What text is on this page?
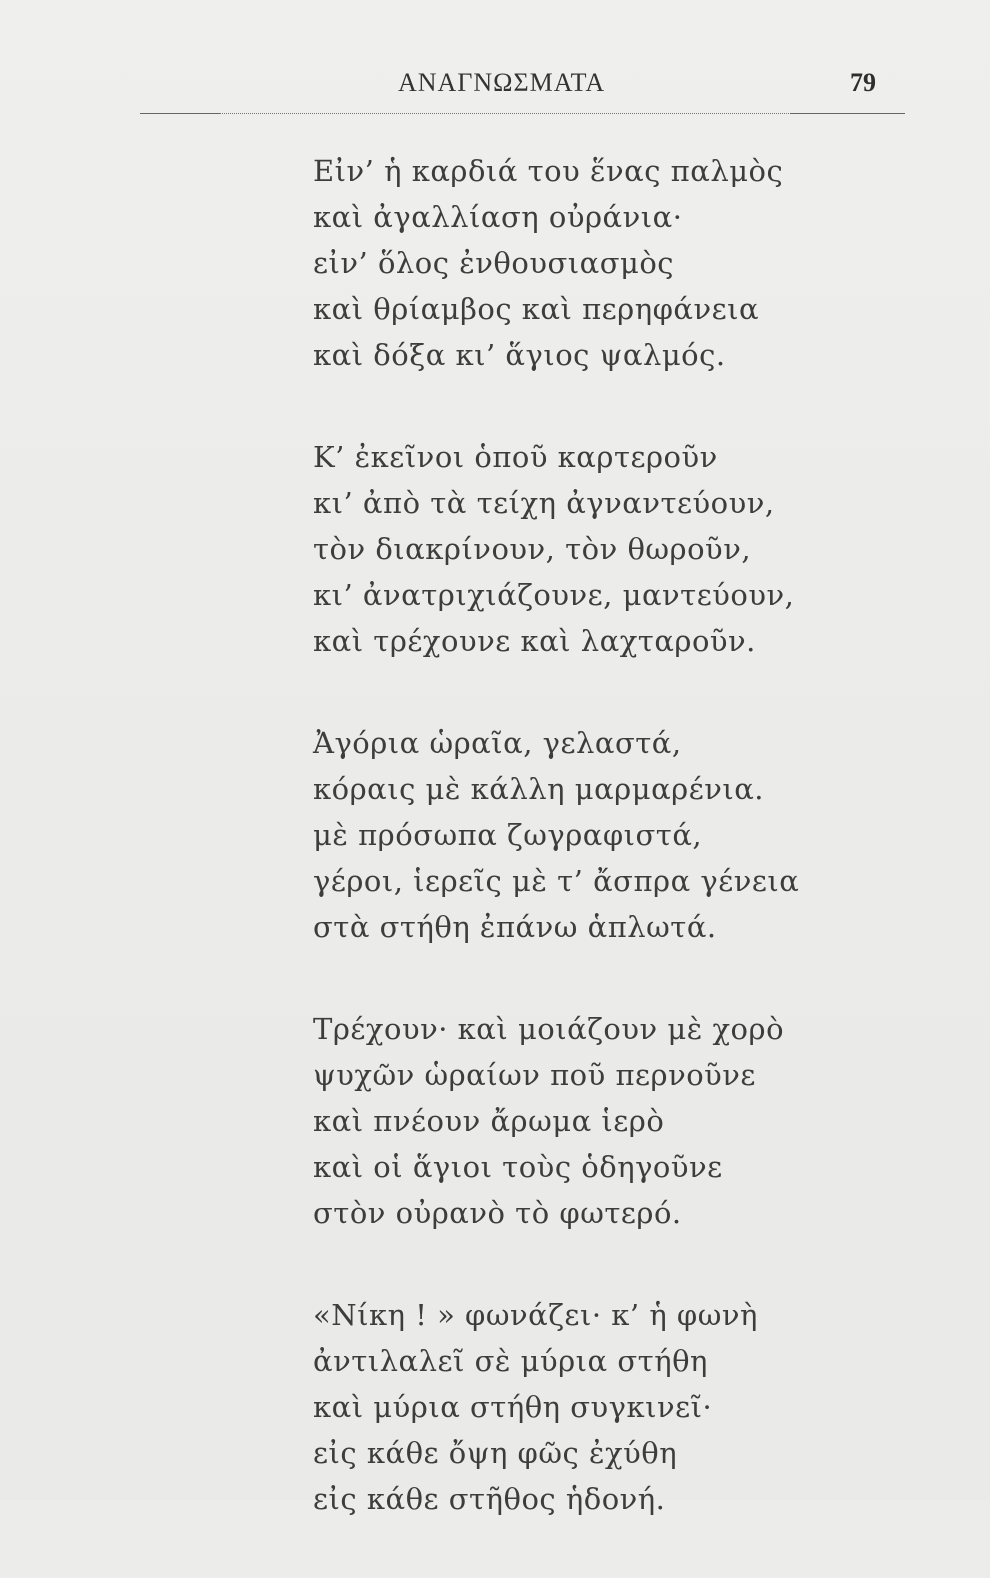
ΑΝΑΓΝΩΣΜΑΤΑ	79
Εἰν’ ἡ καρδιά του ἕνας παλμὸς
καὶ ἀγαλλίαση οὐράνια·
εἰν’ ὅλος ἐνθουσιασμὸς
καὶ θρίαμβος καὶ περηφάνεια
καὶ δόξα κι’ ἅγιος ψαλμός.
Κ’ ἐκεῖνοι ὁποῦ καρτεροῦν
κι’ ἀπὸ τὰ τείχη ἀγναντεύουν,
τὸν διακρίνουν, τὸν θωροῦν,
κι’ ἀνατριχιάζουνε, μαντεύουν,
καὶ τρέχουνε καὶ λαχταροῦν.
Ἀγόρια ὡραῖα, γελαστά,
κόραις μὲ κάλλη μαρμαρένια.
μὲ πρόσωπα ζωγραφιστά,
γέροι, ἱερεῖς μὲ τ’ ἄσπρα γένεια
στὰ στήθη ἐπάνω ἁπλωτά.
Τρέχουν· καὶ μοιάζουν μὲ χορὸ
ψυχῶν ὡραίων ποῦ περνοῦνε
καὶ πνέουν ἄρωμα ἱερὸ
καὶ οἱ ἅγιοι τοὺς ὁδηγοῦνε
στὸν οὐρανὸ τὸ φωτερό.
«Νίκη ! » φωνάζει· κ’ ἡ φωνὴ
ἀντιλαλεῖ σὲ μύρια στήθη
καὶ μύρια στήθη συγκινεῖ·
εἰς κάθε ὄψη φῶς ἐχύθη
εἰς κάθε στῆθος ἡδονή.
